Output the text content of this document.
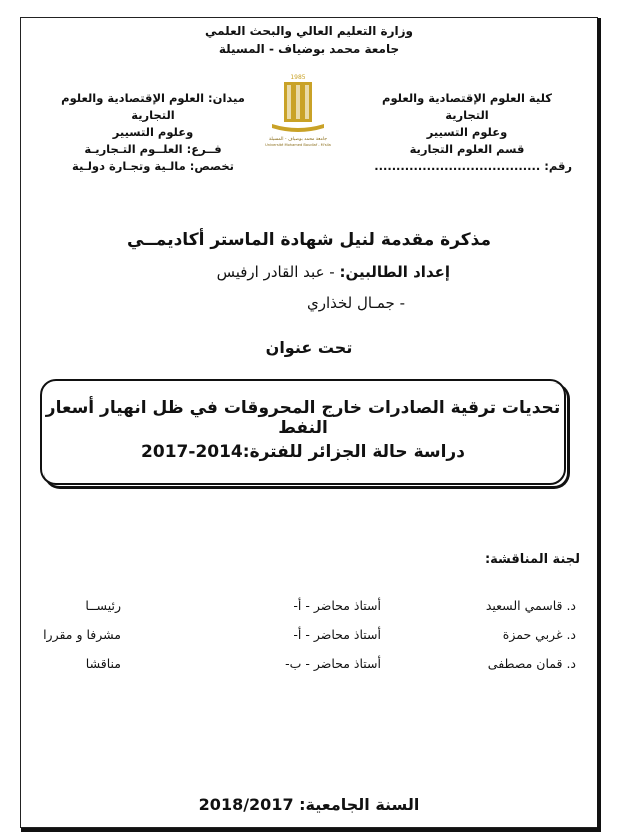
وزارة التعليم العالي والبحث العلمي
جامعة محمد بوضياف - المسيلة
كلية العلوم الإقتصادية والعلوم التجارية
وعلوم التسيير
قسم العلوم التجارية
رقم: ......................................
ميدان: العلوم الإقتصادية والعلوم التجارية
وعلوم التسيير
فــرع: العلــوم التـجاريـة
تخصص: مالـية وتجـارة دولـية
1985
جامعة محمد بوضياف - المسيلة
Université Mohamed Boudiaf - M'sila
مذكرة مقدمة لنيل شهادة الماستر أكاديمــي
إعداد الطالبين: - عبد القادر ارفيس
- جمـال لخذاري
تحت عنوان
تحديات ترقية الصادرات خارج المحروقات في ظل انهيار أسعار النفط
دراسة حالة الجزائر للفترة:2014-2017
لجنة المناقشة:
د. قاسمي السعيد
أستاذ محاضر - أ-
رئيســا
د. غربي حمزة
أستاذ محاضر - أ-
مشرفا و مقررا
د. قمان مصطفى
أستاذ محاضر - ب-
مناقشا
السنة الجامعية: 2018/2017
